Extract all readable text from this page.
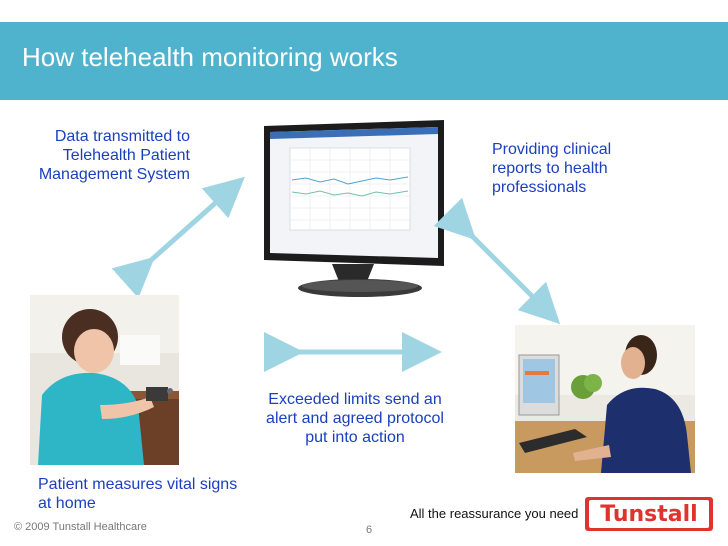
How telehealth monitoring works
Data transmitted to Telehealth Patient Management System
Providing clinical reports to health professionals
Exceeded limits send an alert and agreed protocol put into action
Patient measures vital signs at home
© 2009 Tunstall Healthcare	6
All the reassurance you need Tunstall
